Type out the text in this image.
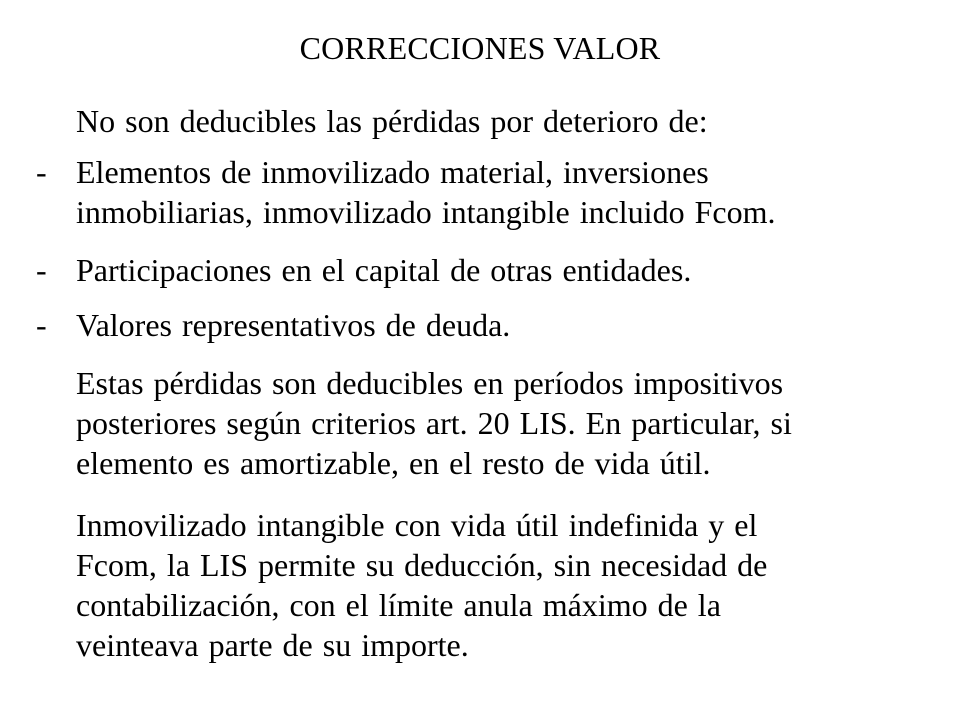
CORRECCIONES VALOR
No son deducibles las pérdidas por deterioro de:
- Elementos de inmovilizado material, inversiones
inmobiliarias, inmovilizado intangible incluido Fcom.
- Participaciones en el capital de otras entidades.
- Valores representativos de deuda.
Estas pérdidas son deducibles en períodos impositivos
posteriores según criterios art. 20 LIS. En particular, si
elemento es amortizable, en el resto de vida útil.
Inmovilizado intangible con vida útil indefinida y el
Fcom, la LIS permite su deducción, sin necesidad de
contabilización, con el límite anula máximo de la
veinteava parte de su importe.
